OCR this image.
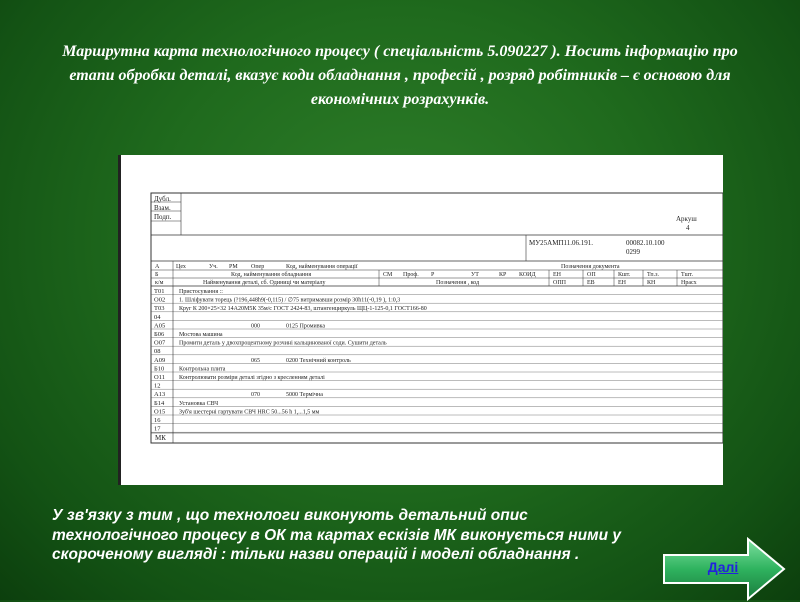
Маршрутна карта технологічного процесу ( спеціальність 5.090227 ). Носить інформацію про етапи обробки деталі, вказує коди обладнання , професій , розряд робітників – є основою для економічних розрахунків.
Дубл.
Взам.
Подп.	Аркуш
4
МУ25АМП11.06.191.	00082.10.100
0299
А	Цех	Уч. РМ Опер	Код, найменування операції	Позначення документа
Б	Код, найменування обладнання	СМ Проф. Р	УТ	КР КОИД	ЕН	ОП	Кшт.	Тп.з.	Тшт.
к/м	Найменування деталі, сб. Одиниці чи матеріалу	Позначення , код	ОПП	ЕВ	ЕН	КН	Нрасх
Т01 Пристосування ::
О02 1. Шліфувати торець (?196,448h9(-0,115) / ∅75 витримавши розмір 30h11(-0,19 ), 1:0,3
Т03 Круг К 200×25×32 14А20М5К 35м/с ГОСТ 2424-83, штангенциркуль ЩЦ-1-125-0,1 ГОСТ166-80
04
А05	000	0125 Промивка
Б06 Мостова машина
О07 Промити деталь у двохпроцентному розчині кальцинованої соди. Сушити деталь
08
А09	065	0200 Технічний контроль
Б10 Контрольна плита
О11 Контролювати розміри деталі згідно з кресленням деталі
12
А13	070	5000 Термічна
Б14 Установка СВЧ
О15 Зуб'я шестерні гартувати СВЧ HRC 50...56 h 1,...1,5 мм
16
17
МК
У зв'язку з тим , що технологи виконують детальний опис технологічного процесу в ОК та картах ескізів МК виконується ними у скороченому вигляді : тільки назви операцій і моделі обладнання .
Далі
